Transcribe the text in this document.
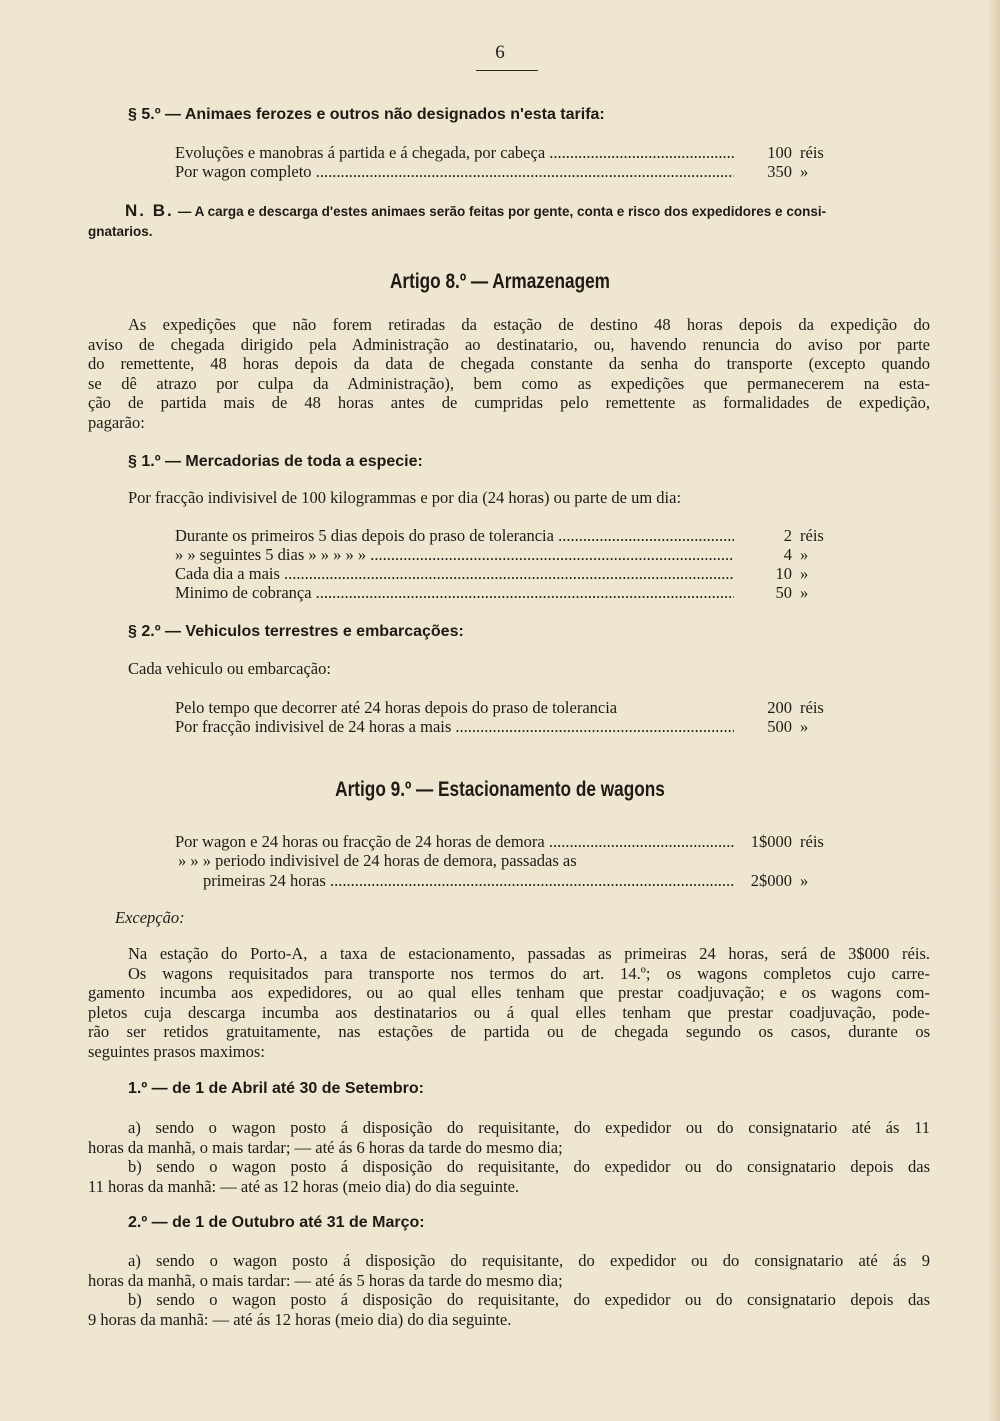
6
§ 5.º — Animaes ferozes e outros não designados n'esta tarifa:
Evoluções e manobras á partida e á chegada, por cabeça .....	100 réis
Por wagon completo .....	350 »
N. B. — A carga e descarga d'estes animaes serão feitas por gente, conta e risco dos expedidores e consi-
gnatarios.
Artigo 8.º — Armazenagem
As expedições que não forem retiradas da estação de destino 48 horas depois da expedição do
aviso de chegada dirigido pela Administração ao destinatario, ou, havendo renuncia do aviso por parte
do remettente, 48 horas depois da data de chegada constante da senha do transporte (excepto quando
se dê atrazo por culpa da Administração), bem como as expedições que permanecerem na esta-
ção de partida mais de 48 horas antes de cumpridas pelo remettente as formalidades de expedição,
pagarão:
§ 1.º — Mercadorias de toda a especie:
Por fracção indivisivel de 100 kilogrammas e por dia (24 horas) ou parte de um dia:
Durante os primeiros 5 dias depois do praso de tolerancia .....	2 réis
» » seguintes 5 dias » » » » » .....	4 »
Cada dia a mais .....	10 »
Minimo de cobrança .....	50 »
§ 2.º — Vehiculos terrestres e embarcações:
Cada vehiculo ou embarcação:
Pelo tempo que decorrer até 24 horas depois do praso de tolerancia	200 réis
Por fracção indivisivel de 24 horas a mais .....	500 »
Artigo 9.º — Estacionamento de wagons
Por wagon e 24 horas ou fracção de 24 horas de demora .....	1$000 réis
» » » periodo indivisivel de 24 horas de demora, passadas as
primeiras 24 horas .....	2$000 »
Excepção:
Na estação do Porto-A, a taxa de estacionamento, passadas as primeiras 24 horas, será de 3$000 réis.
Os wagons requisitados para transporte nos termos do art. 14.º; os wagons completos cujo carre-
gamento incumba aos expedidores, ou ao qual elles tenham que prestar coadjuvação; e os wagons com-
pletos cuja descarga incumba aos destinatarios ou á qual elles tenham que prestar coadjuvação, pode-
rão ser retidos gratuitamente, nas estações de partida ou de chegada segundo os casos, durante os
seguintes prasos maximos:
1.º — de 1 de Abril até 30 de Setembro:
a) sendo o wagon posto á disposição do requisitante, do expedidor ou do consignatario até ás 11
horas da manhã, o mais tardar; — até ás 6 horas da tarde do mesmo dia;
b) sendo o wagon posto á disposição do requisitante, do expedidor ou do consignatario depois das
11 horas da manhã: — até as 12 horas (meio dia) do dia seguinte.
2.º — de 1 de Outubro até 31 de Março:
a) sendo o wagon posto á disposição do requisitante, do expedidor ou do consignatario até ás 9
horas da manhã, o mais tardar: — até ás 5 horas da tarde do mesmo dia;
b) sendo o wagon posto á disposição do requisitante, do expedidor ou do consignatario depois das
9 horas da manhã: — até ás 12 horas (meio dia) do dia seguinte.
